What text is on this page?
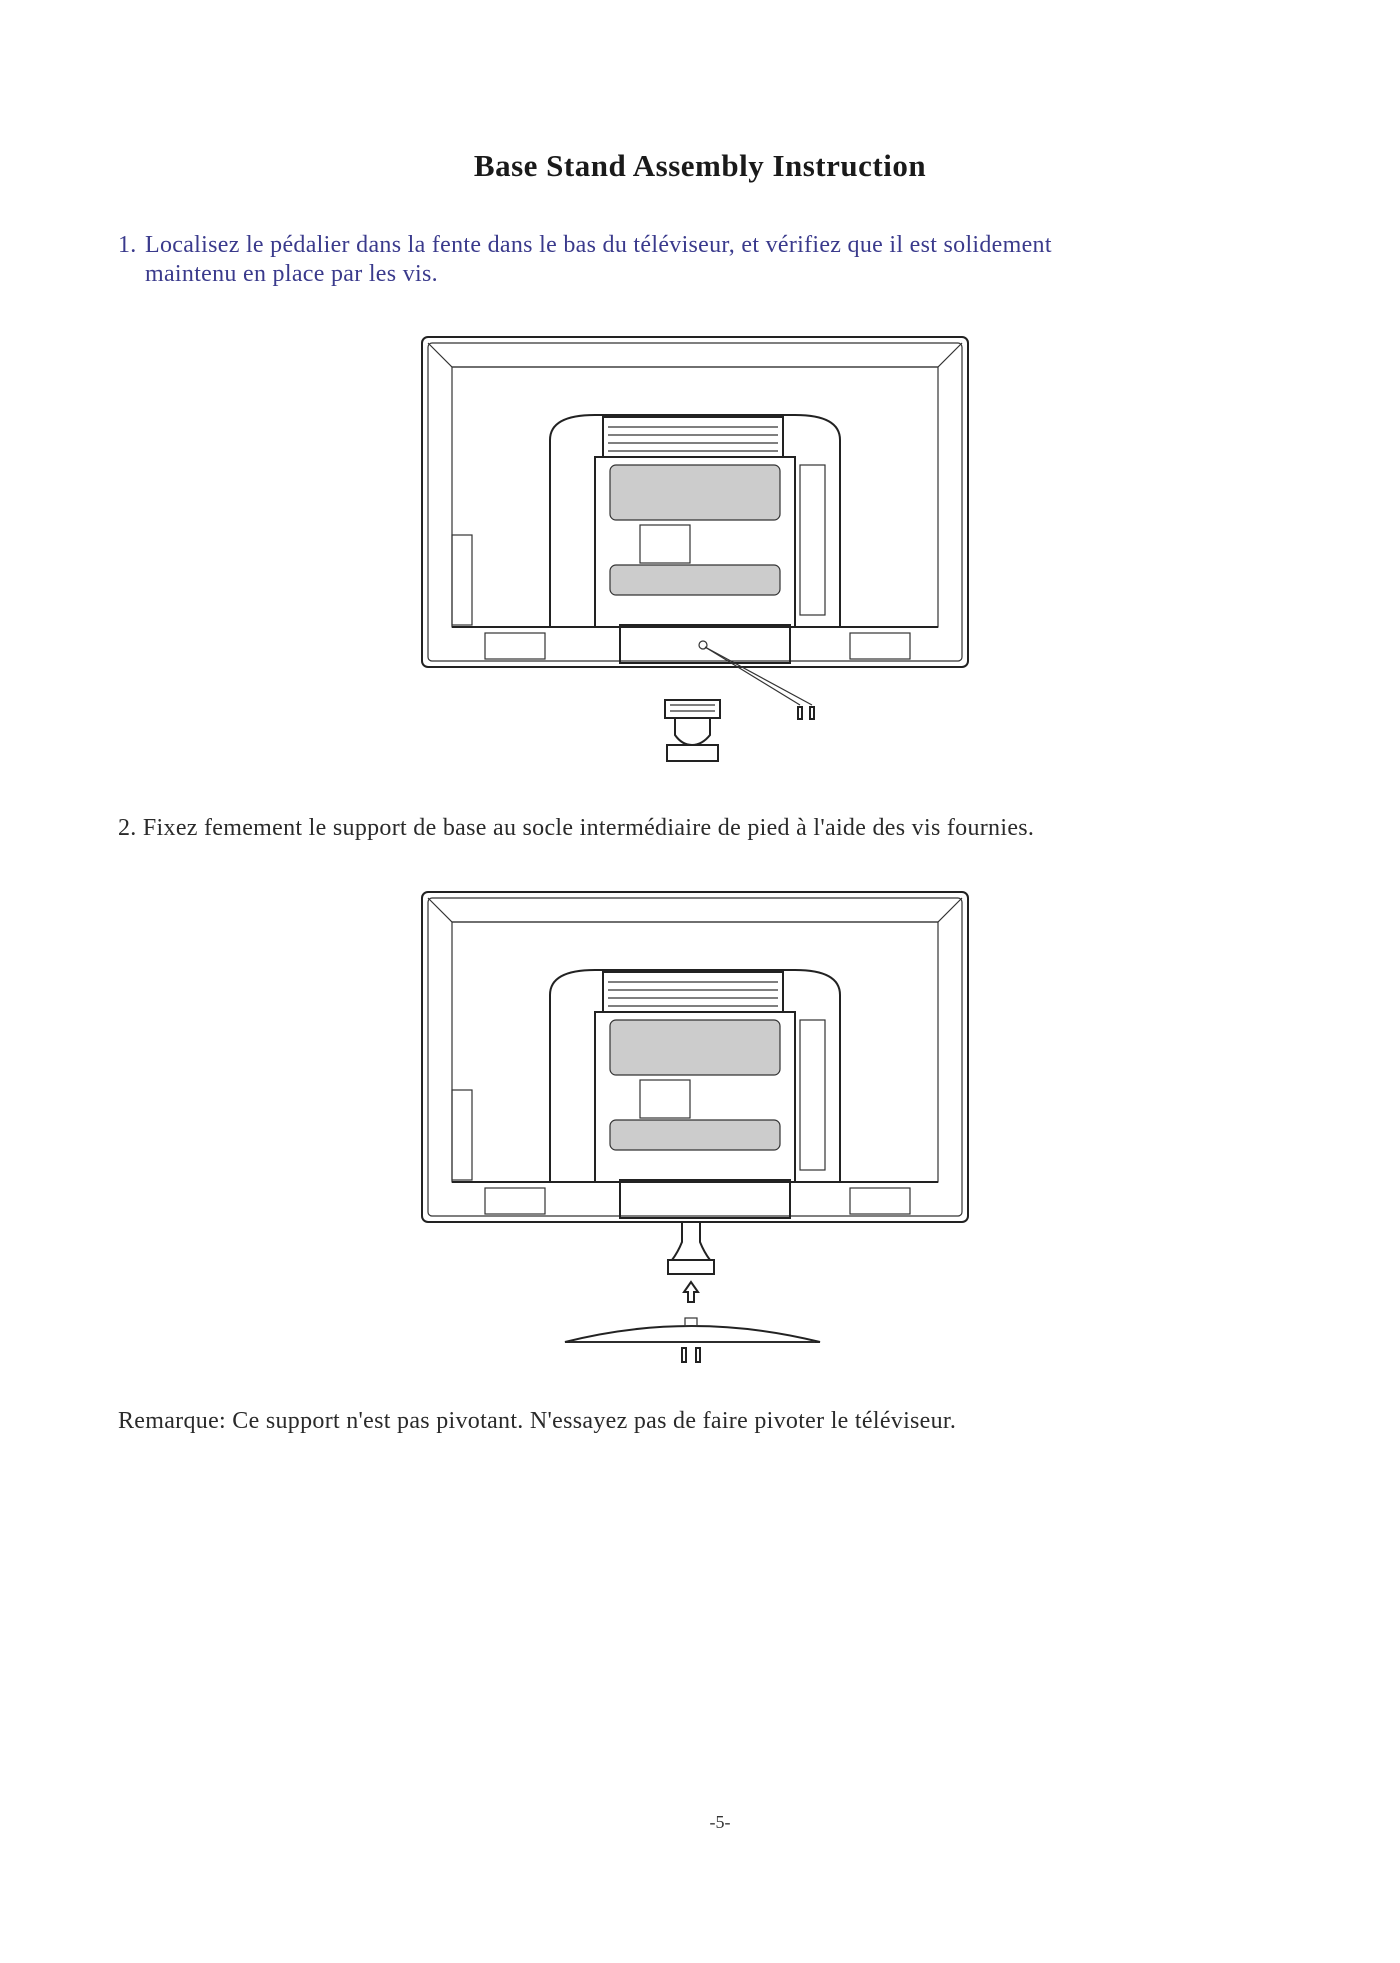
Base Stand Assembly Instruction
1. Localisez le pédalier dans la fente dans le bas du téléviseur, et vérifiez que il est solidement
maintenu en place par les vis.
2. Fixez femement le support de base au socle intermédiaire de pied à l'aide des vis fournies.
Remarque: Ce support n'est pas pivotant. N'essayez pas de faire pivoter le téléviseur.
-5-
